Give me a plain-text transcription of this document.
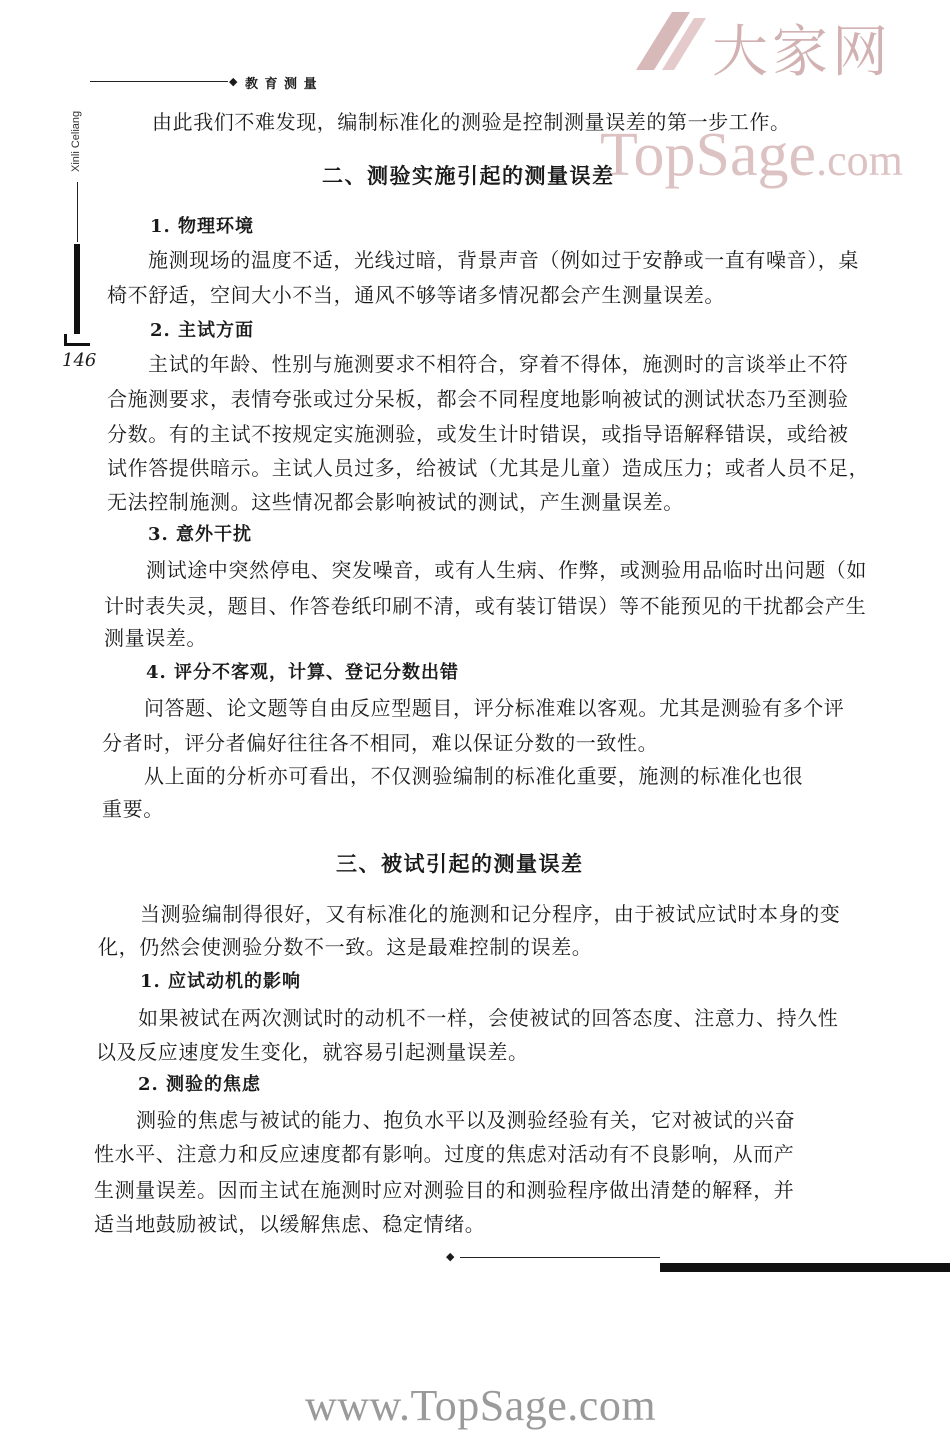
大家网
TopSage.com
◆ 教 育 测 量
Xinli Celiang
146
由此我们不难发现，编制标准化的测验是控制测量误差的第一步工作。
二、测验实施引起的测量误差
1. 物理环境
施测现场的温度不适，光线过暗，背景声音（例如过于安静或一直有噪音），桌
椅不舒适，空间大小不当，通风不够等诸多情况都会产生测量误差。
2. 主试方面
主试的年龄、性别与施测要求不相符合，穿着不得体，施测时的言谈举止不符
合施测要求，表情夸张或过分呆板，都会不同程度地影响被试的测试状态乃至测验
分数。有的主试不按规定实施测验，或发生计时错误，或指导语解释错误，或给被
试作答提供暗示。主试人员过多，给被试（尤其是儿童）造成压力；或者人员不足，
无法控制施测。这些情况都会影响被试的测试，产生测量误差。
3. 意外干扰
测试途中突然停电、突发噪音，或有人生病、作弊，或测验用品临时出问题（如
计时表失灵，题目、作答卷纸印刷不清，或有装订错误）等不能预见的干扰都会产生
测量误差。
4. 评分不客观，计算、登记分数出错
问答题、论文题等自由反应型题目，评分标准难以客观。尤其是测验有多个评
分者时，评分者偏好往往各不相同，难以保证分数的一致性。
从上面的分析亦可看出，不仅测验编制的标准化重要，施测的标准化也很
重要。
三、被试引起的测量误差
当测验编制得很好，又有标准化的施测和记分程序，由于被试应试时本身的变
化，仍然会使测验分数不一致。这是最难控制的误差。
1. 应试动机的影响
如果被试在两次测试时的动机不一样，会使被试的回答态度、注意力、持久性
以及反应速度发生变化，就容易引起测量误差。
2. 测验的焦虑
测验的焦虑与被试的能力、抱负水平以及测验经验有关，它对被试的兴奋
性水平、注意力和反应速度都有影响。过度的焦虑对活动有不良影响，从而产
生测量误差。因而主试在施测时应对测验目的和测验程序做出清楚的解释，并
适当地鼓励被试，以缓解焦虑、稳定情绪。
◆
www.TopSage.com
